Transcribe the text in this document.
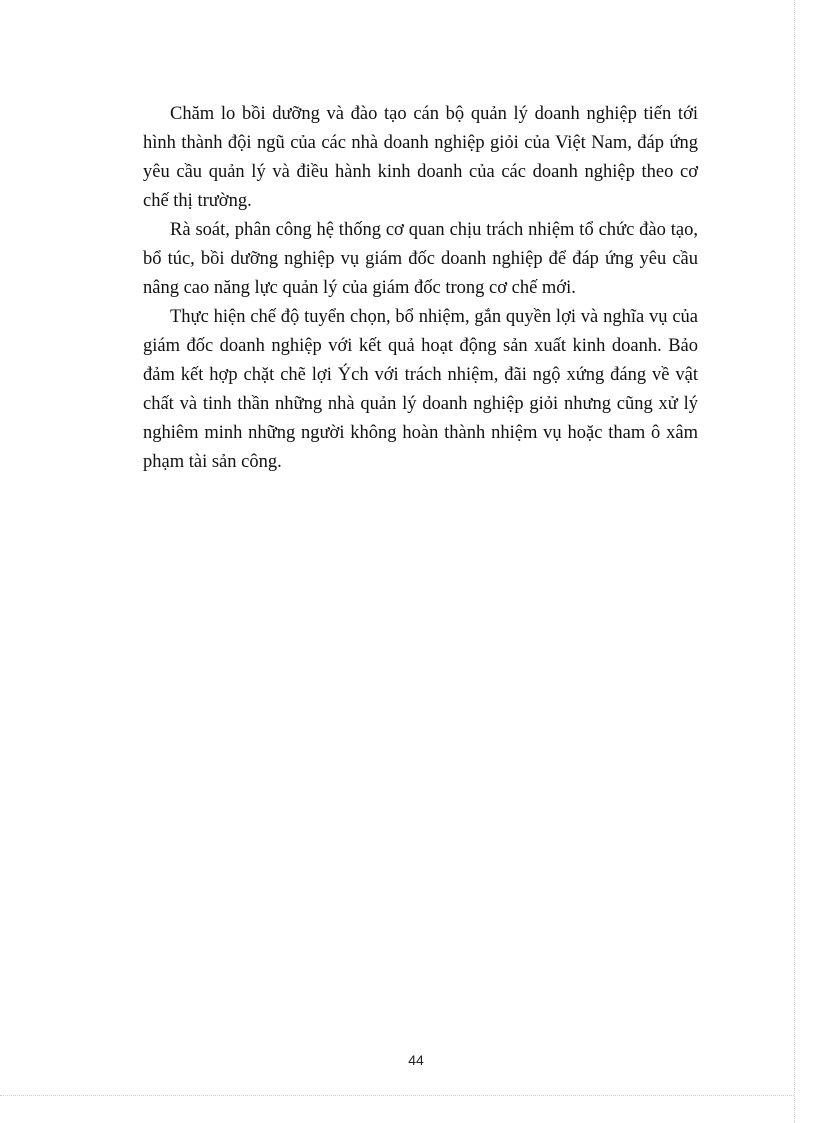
Chăm lo bồi dưỡng và đào tạo cán bộ quản lý doanh nghiệp tiến tới hình thành đội ngũ của các nhà doanh nghiệp giỏi của Việt Nam, đáp ứng yêu cầu quản lý và điều hành kinh doanh của các doanh nghiệp theo cơ chế thị trường.

Rà soát, phân công hệ thống cơ quan chịu trách nhiệm tổ chức đào tạo, bổ túc, bồi dưỡng nghiệp vụ giám đốc doanh nghiệp để đáp ứng yêu cầu nâng cao năng lực quản lý của giám đốc trong cơ chế mới.

Thực hiện chế độ tuyển chọn, bổ nhiệm, gắn quyền lợi và nghĩa vụ của giám đốc doanh nghiệp với kết quả hoạt động sản xuất kinh doanh. Bảo đảm kết hợp chặt chẽ lợi Ých với trách nhiệm, đãi ngộ xứng đáng về vật chất và tinh thần những nhà quản lý doanh nghiệp giỏi nhưng cũng xử lý nghiêm minh những người không hoàn thành nhiệm vụ hoặc tham ô xâm phạm tài sản công.

44
